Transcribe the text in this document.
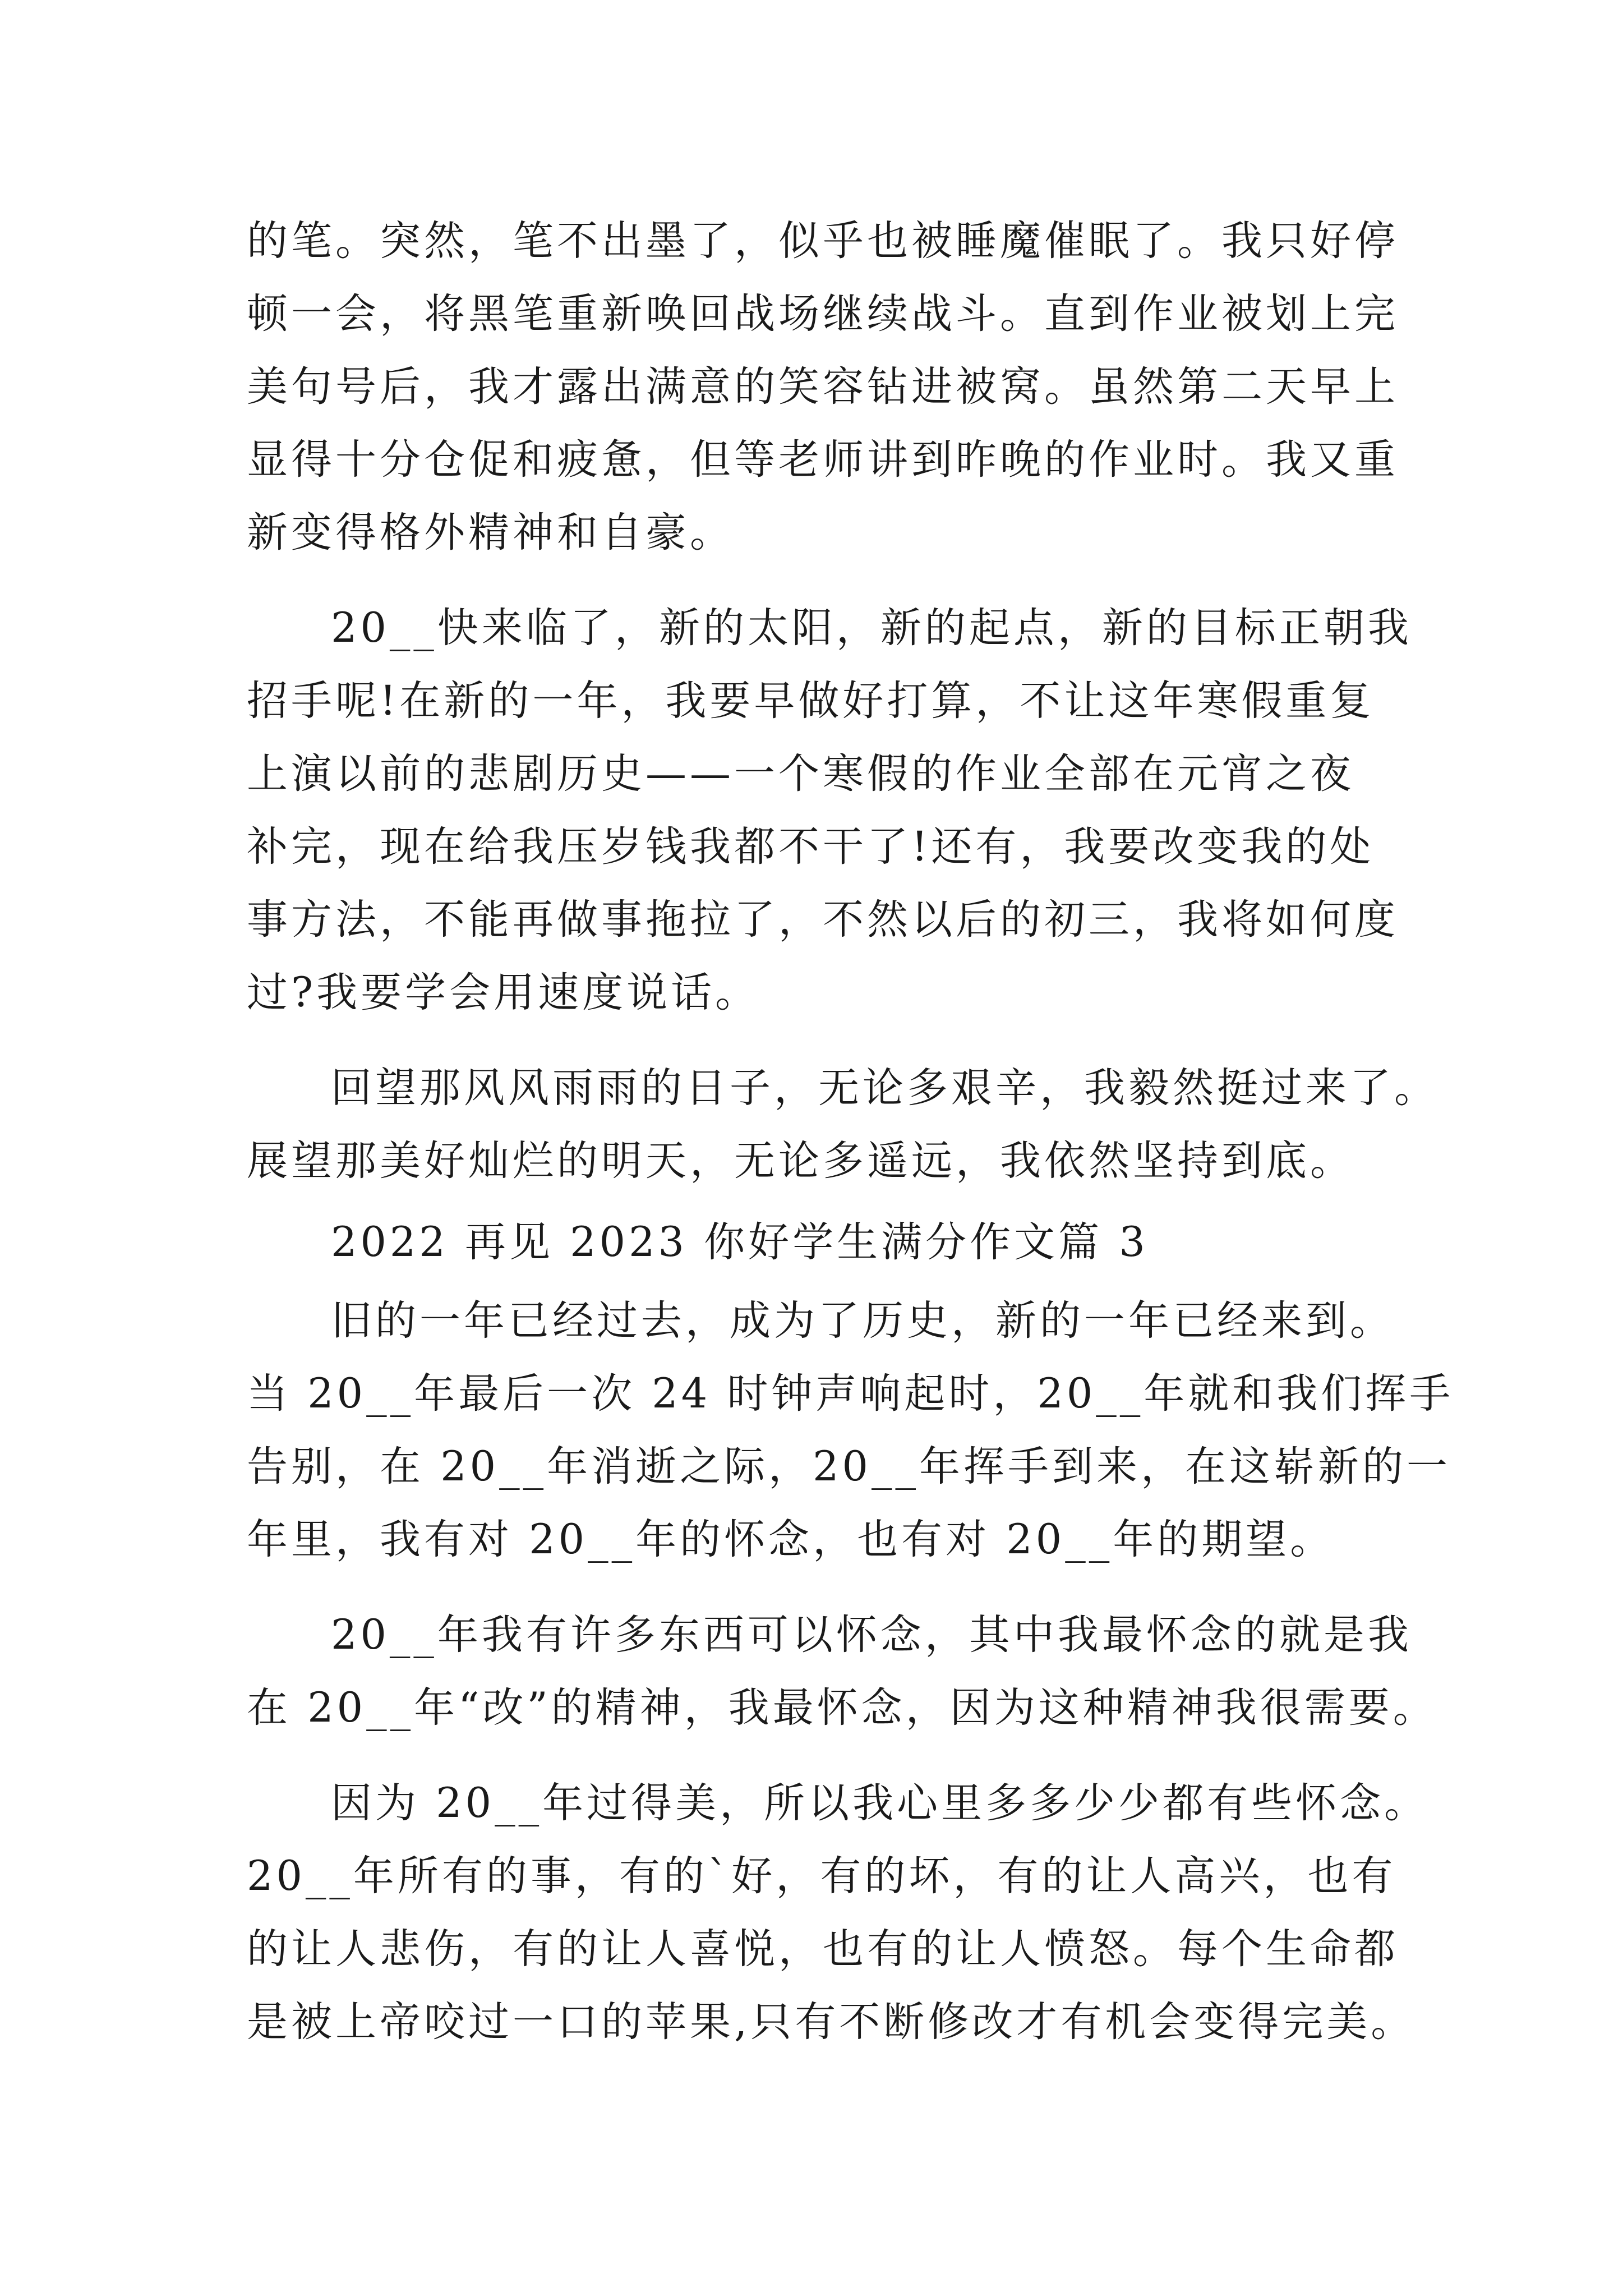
的笔。突然，笔不出墨了，似乎也被睡魔催眠了。我只好停
顿一会，将黑笔重新唤回战场继续战斗。直到作业被划上完
美句号后，我才露出满意的笑容钻进被窝。虽然第二天早上
显得十分仓促和疲惫，但等老师讲到昨晚的作业时。我又重
新变得格外精神和自豪。
20__快来临了，新的太阳，新的起点，新的目标正朝我
招手呢!在新的一年，我要早做好打算，不让这年寒假重复
上演以前的悲剧历史——一个寒假的作业全部在元宵之夜
补完，现在给我压岁钱我都不干了!还有，我要改变我的处
事方法，不能再做事拖拉了，不然以后的初三，我将如何度
过?我要学会用速度说话。
回望那风风雨雨的日子，无论多艰辛，我毅然挺过来了。
展望那美好灿烂的明天，无论多遥远，我依然坚持到底。
2022 再见 2023 你好学生满分作文篇 3
旧的一年已经过去，成为了历史，新的一年已经来到。
当 20__年最后一次 24 时钟声响起时，20__年就和我们挥手
告别，在 20__年消逝之际，20__年挥手到来，在这崭新的一
年里，我有对 20__年的怀念，也有对 20__年的期望。
20__年我有许多东西可以怀念，其中我最怀念的就是我
在 20__年“改”的精神，我最怀念，因为这种精神我很需要。
因为 20__年过得美，所以我心里多多少少都有些怀念。
20__年所有的事，有的`好，有的坏，有的让人高兴，也有
的让人悲伤，有的让人喜悦，也有的让人愤怒。每个生命都
是被上帝咬过一口的苹果,只有不断修改才有机会变得完美。
